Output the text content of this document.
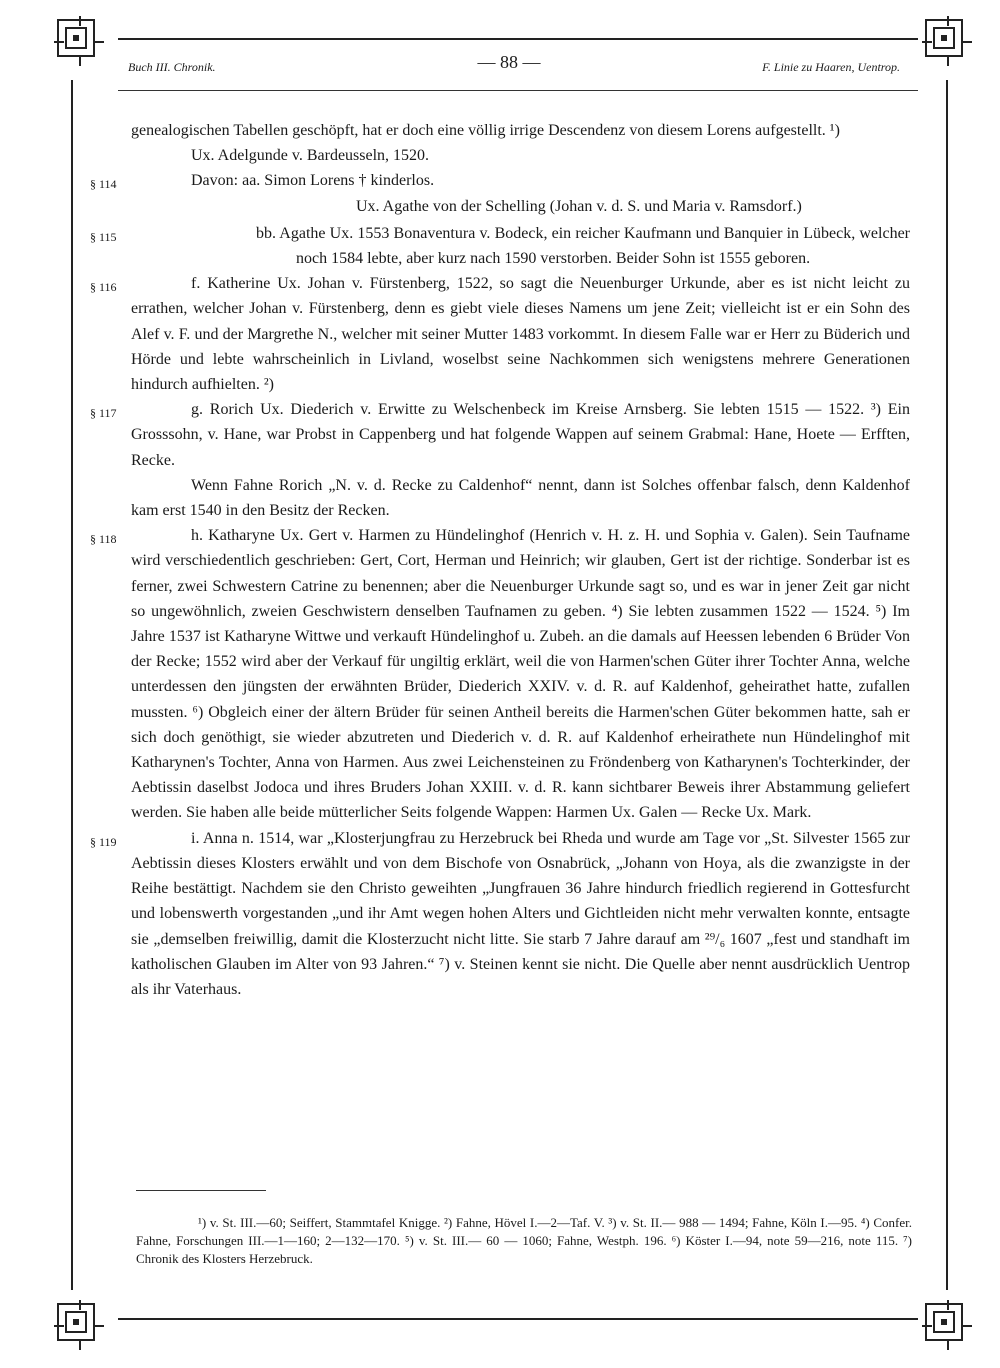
Buch III. Chronik.	— 88 —	F. Linie zu Haaren, Uentrop.

genealogischen Tabellen geschöpft, hat er doch eine völlig irrige Descendenz von diesem Lorens aufgestellt. ¹)

Ux. Adelgunde v. Bardeusseln, 1520.

§ 114	Davon: aa. Simon Lorens † kinderlos.

Ux. Agathe von der Schelling (Johan v. d. S. und Maria v. Ramsdorf.)

§ 115	bb. Agathe Ux. 1553 Bonaventura v. Bodeck, ein reicher Kaufmann und Banquier in Lübeck, welcher noch 1584 lebte, aber kurz nach 1590 verstorben. Beider Sohn ist 1555 geboren.

§ 116	f. Katherine Ux. Johan v. Fürstenberg, 1522, so sagt die Neuenburger Urkunde, aber es ist nicht leicht zu errathen, welcher Johan v. Fürstenberg, denn es giebt viele dieses Namens um jene Zeit; vielleicht ist er ein Sohn des Alef v. F. und der Margrethe N., welcher mit seiner Mutter 1483 vorkommt. In diesem Falle war er Herr zu Büderich und Hörde und lebte wahrscheinlich in Livland, woselbst seine Nachkommen sich wenigstens mehrere Generationen hindurch aufhielten. ²)

§ 117	g. Rorich Ux. Diederich v. Erwitte zu Welschenbeck im Kreise Arnsberg. Sie lebten 1515 — 1522. ³) Ein Grosssohn, v. Hane, war Probst in Cappenberg und hat folgende Wappen auf seinem Grabmal: Hane, Hoete — Erfften, Recke.

Wenn Fahne Rorich „N. v. d. Recke zu Caldenhof“ nennt, dann ist Solches offenbar falsch, denn Kaldenhof kam erst 1540 in den Besitz der Recken.

§ 118	h. Katharyne Ux. Gert v. Harmen zu Hündelinghof (Henrich v. H. z. H. und Sophia v. Galen). Sein Taufname wird verschiedentlich geschrieben: Gert, Cort, Herman und Heinrich; wir glauben, Gert ist der richtige. Sonderbar ist es ferner, zwei Schwestern Catrine zu benennen; aber die Neuenburger Urkunde sagt so, und es war in jener Zeit gar nicht so ungewöhnlich, zweien Geschwistern denselben Taufnamen zu geben. ⁴) Sie lebten zusammen 1522 — 1524. ⁵) Im Jahre 1537 ist Katharyne Wittwe und verkauft Hündelinghof u. Zubeh. an die damals auf Heessen lebenden 6 Brüder Von der Recke; 1552 wird aber der Verkauf für ungiltig erklärt, weil die von Harmen'schen Güter ihrer Tochter Anna, welche unterdessen den jüngsten der erwähnten Brüder, Diederich XXIV. v. d. R. auf Kaldenhof, geheirathet hatte, zufallen mussten. ⁶) Obgleich einer der ältern Brüder für seinen Antheil bereits die Harmen'schen Güter bekommen hatte, sah er sich doch genöthigt, sie wieder abzutreten und Diederich v. d. R. auf Kaldenhof erheirathete nun Hündelinghof mit Katharynen's Tochter, Anna von Harmen. Aus zwei Leichensteinen zu Fröndenberg von Katharynen's Tochterkinder, der Aebtissin daselbst Jodoca und ihres Bruders Johan XXIII. v. d. R. kann sichtbarer Beweis ihrer Abstammung geliefert werden. Sie haben alle beide mütterlicher Seits folgende Wappen: Harmen Ux. Galen — Recke Ux. Mark.

§ 119	i. Anna n. 1514, war „Klosterjungfrau zu Herzebruck bei Rheda und wurde am Tage vor „St. Silvester 1565 zur Aebtissin dieses Klosters erwählt und von dem Bischofe von Osnabrück, „Johann von Hoya, als die zwanzigste in der Reihe bestättigt. Nachdem sie den Christo geweihten „Jungfrauen 36 Jahre hindurch friedlich regierend in Gottesfurcht und lobenswerth vorgestanden „und ihr Amt wegen hohen Alters und Gichtleiden nicht mehr verwalten konnte, entsagte sie „demselben freiwillig, damit die Klosterzucht nicht litte. Sie starb 7 Jahre darauf am ²⁹/₆ 1607 „fest und standhaft im katholischen Glauben im Alter von 93 Jahren.“ ⁷) v. Steinen kennt sie nicht. Die Quelle aber nennt ausdrücklich Uentrop als ihr Vaterhaus.

¹) v. St. III.—60; Seiffert, Stammtafel Knigge. ²) Fahne, Hövel I.—2—Taf. V. ³) v. St. II.— 988 — 1494; Fahne, Köln I.—95. ⁴) Confer. Fahne, Forschungen III.—1—160; 2—132—170. ⁵) v. St. III.— 60 — 1060; Fahne, Westph. 196. ⁶) Köster I.—94, note 59—216, note 115. ⁷) Chronik des Klosters Herzebruck.
